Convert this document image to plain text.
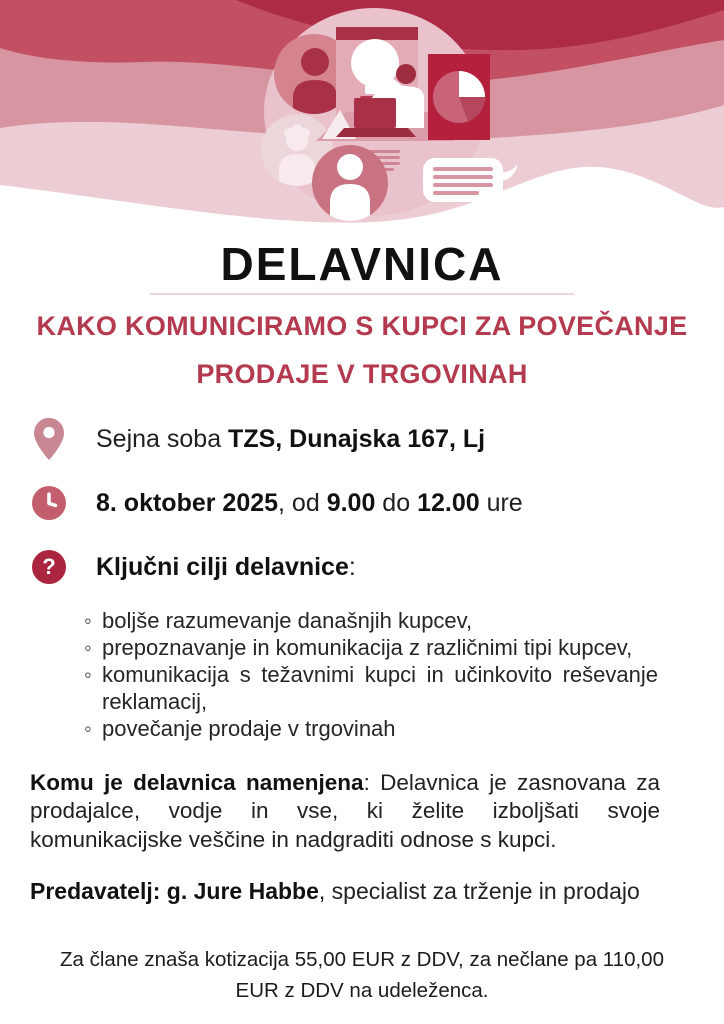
DELAVNICA
KAKO KOMUNICIRAMO S KUPCI ZA POVEČANJE PRODAJE V TRGOVINAH
Sejna soba TZS, Dunajska 167, Lj
8. oktober 2025, od 9.00 do 12.00 ure
? Ključni cilji delavnice:
◦ boljše razumevanje današnjih kupcev,
◦ prepoznavanje in komunikacija z različnimi tipi kupcev,
◦ komunikacija s težavnimi kupci in učinkovito reševanje reklamacij,
◦ povečanje prodaje v trgovinah

Komu je delavnica namenjena: Delavnica je zasnovana za prodajalce, vodje in vse, ki želite izboljšati svoje komunikacijske veščine in nadgraditi odnose s kupci.

Predavatelj: g. Jure Habbe, specialist za trženje in prodajo

Za člane znaša kotizacija 55,00 EUR z DDV, za nečlane pa 110,00 EUR z DDV na udeleženca.
